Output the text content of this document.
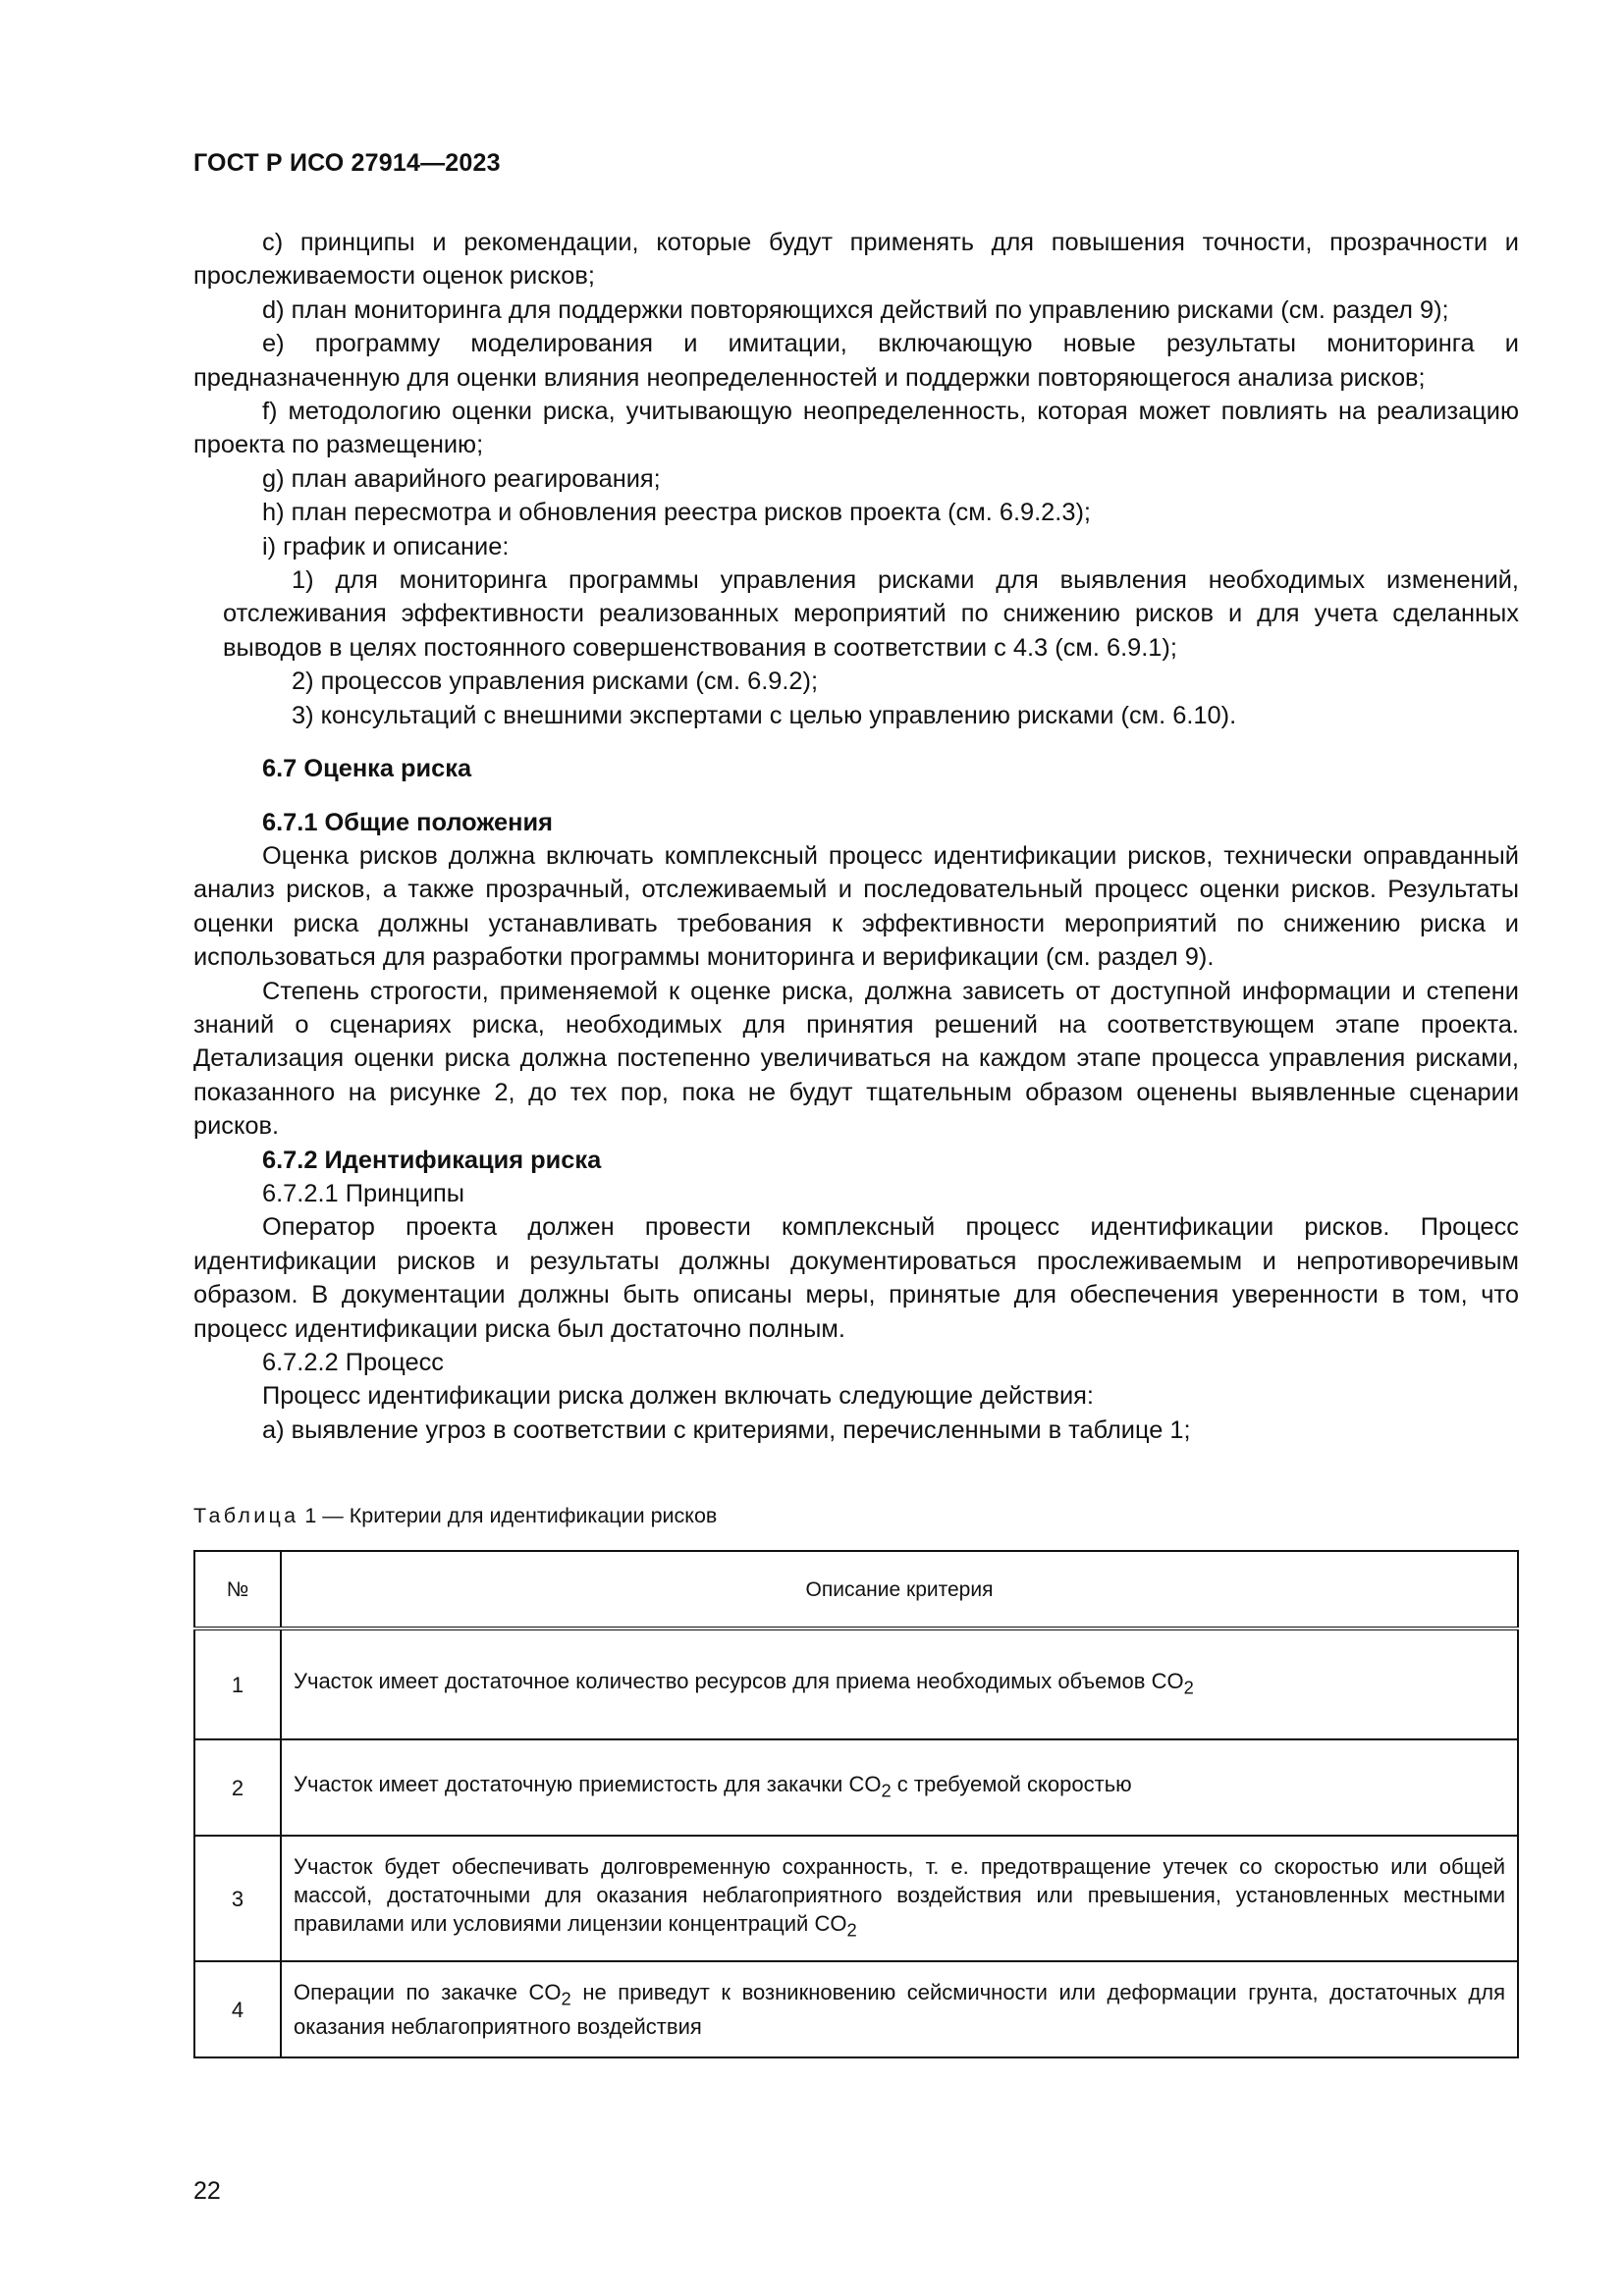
ГОСТ Р ИСО 27914—2023

c) принципы и рекомендации, которые будут применять для повышения точности, прозрачности и прослеживаемости оценок рисков;

d) план мониторинга для поддержки повторяющихся действий по управлению рисками (см. раздел 9);

e) программу моделирования и имитации, включающую новые результаты мониторинга и предназначенную для оценки влияния неопределенностей и поддержки повторяющегося анализа рисков;

f) методологию оценки риска, учитывающую неопределенность, которая может повлиять на реализацию проекта по размещению;

g) план аварийного реагирования;

h) план пересмотра и обновления реестра рисков проекта (см. 6.9.2.3);

i) график и описание:

1) для мониторинга программы управления рисками для выявления необходимых изменений, отслеживания эффективности реализованных мероприятий по снижению рисков и для учета сделанных выводов в целях постоянного совершенствования в соответствии с 4.3 (см. 6.9.1);

2) процессов управления рисками (см. 6.9.2);

3) консультаций с внешними экспертами с целью управлению рисками (см. 6.10).

6.7 Оценка риска
6.7.1 Общие положения

Оценка рисков должна включать комплексный процесс идентификации рисков, технически оправданный анализ рисков, а также прозрачный, отслеживаемый и последовательный процесс оценки рисков. Результаты оценки риска должны устанавливать требования к эффективности мероприятий по снижению риска и использоваться для разработки программы мониторинга и верификации (см. раздел 9).

Степень строгости, применяемой к оценке риска, должна зависеть от доступной информации и степени знаний о сценариях риска, необходимых для принятия решений на соответствующем этапе проекта. Детализация оценки риска должна постепенно увеличиваться на каждом этапе процесса управления рисками, показанного на рисунке 2, до тех пор, пока не будут тщательным образом оценены выявленные сценарии рисков.

6.7.2 Идентификация риска

6.7.2.1 Принципы

Оператор проекта должен провести комплексный процесс идентификации рисков. Процесс идентификации рисков и результаты должны документироваться прослеживаемым и непротиворечивым образом. В документации должны быть описаны меры, принятые для обеспечения уверенности в том, что процесс идентификации риска был достаточно полным.

6.7.2.2 Процесс

Процесс идентификации риска должен включать следующие действия:

a) выявление угроз в соответствии с критериями, перечисленными в таблице 1;

Таблица 1 — Критерии для идентификации рисков
№	Описание критерия
1	Участок имеет достаточное количество ресурсов для приема необходимых объемов $CO_2$
2	Участок имеет достаточную приемистость для закачки $CO_2$ с требуемой скоростью
3	Участок будет обеспечивать долговременную сохранность, т. е. предотвращение утечек со скоростью или общей массой, достаточными для оказания неблагоприятного воздействия или превышения, установленных местными правилами или условиями лицензии концентраций $CO_2$
4	Операции по закачке $CO_2$ не приведут к возникновению сейсмичности или деформации грунта, достаточных для оказания неблагоприятного воздействия
22
